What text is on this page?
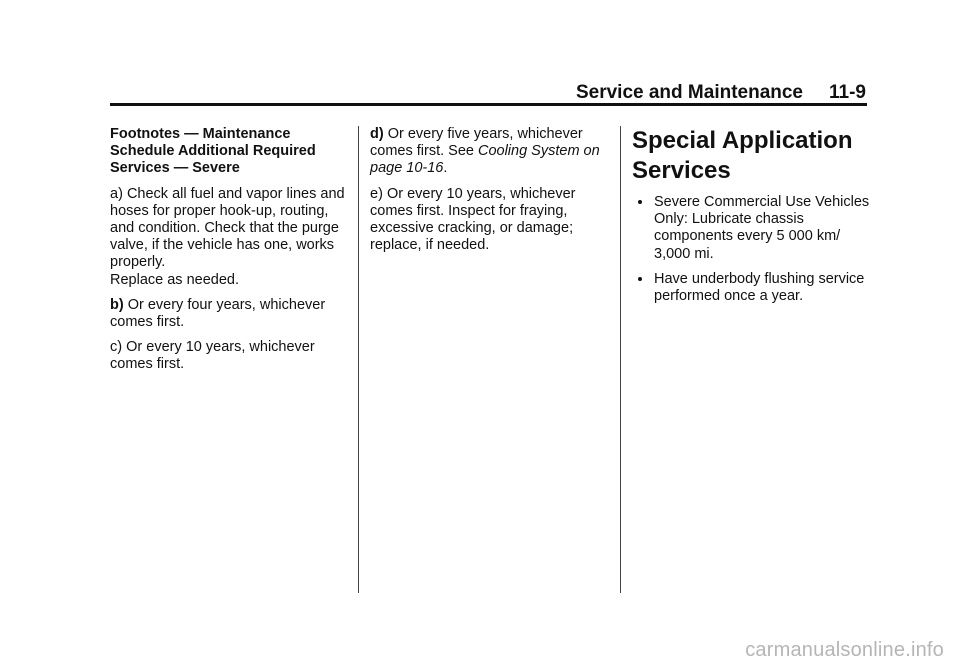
Service and Maintenance 11-9

Footnotes — Maintenance Schedule Additional Required Services — Severe

a) Check all fuel and vapor lines and hoses for proper hook-up, routing, and condition. Check that the purge valve, if the vehicle has one, works properly.
Replace as needed.

b) Or every four years, whichever comes first.

c) Or every 10 years, whichever comes first.

d) Or every five years, whichever comes first. See Cooling System on page 10-16.

e) Or every 10 years, whichever comes first. Inspect for fraying, excessive cracking, or damage; replace, if needed.

Special Application Services
Severe Commercial Use Vehicles Only: Lubricate chassis components every 5 000 km/ 3,000 mi.
Have underbody flushing service performed once a year.
carmanualsonline.info
